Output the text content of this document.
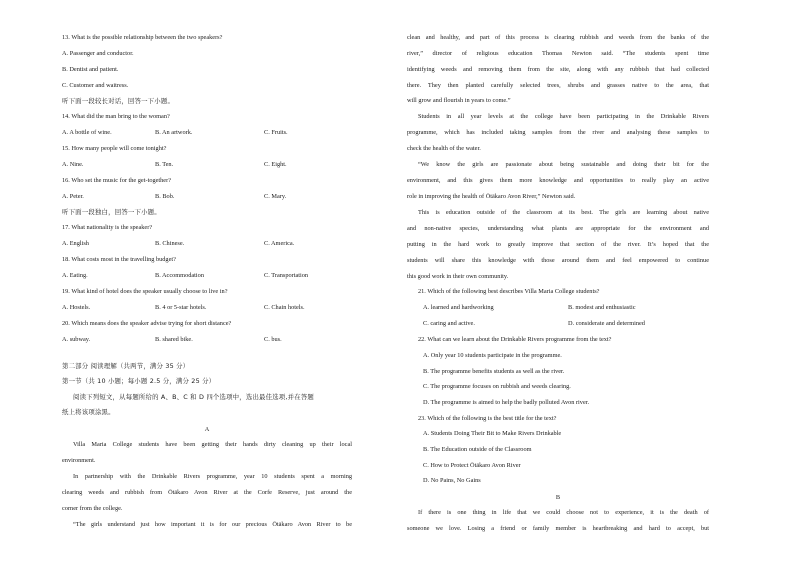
13. What is the possible relationship between the two speakers?
A. Passenger and conductor.
B. Dentist and patient.
C. Customer and waitress.
听下面一段较长对话，回答一下小题。
14. What did the man bring to the woman?
A. A bottle of wine.	B. An artwork.	C. Fruits.
15. How many people will come tonight?
A. Nine.	B. Ten.	C. Eight.
16. Who set the music for the get-together?
A. Peter.	B. Bob.	C. Mary.
听下面一段独白，回答一下小题。
17. What nationality is the speaker?
A. English	B. Chinese.	C. America.
18. What costs most in the travelling budget?
A. Eating.	B. Accommodation	C. Transportation
19. What kind of hotel does the speaker usually choose to live in?
A. Hostels.	B. 4 or 5-star hotels.	C. Chain hotels.
20. Which means does the speaker advise trying for short distance?
A. subway.	B. shared bike.	C. bus.
第二部分 阅读理解（共两节，满分 35 分）
第一节（共 10 小题；每小题 2.5 分，满分 25 分）
阅读下列短文，从每题所给的 A、B、C 和 D 四个选项中，选出最佳选项,并在答题
纸上将该项涂黑。
A
Villa Maria College students have been getting their hands dirty cleaning up their local
environment.
In partnership with the Drinkable Rivers programme, year 10 students spent a morning
clearing weeds and rubbish from Ōtākaro Avon River at the Corfe Reserve, just around the
corner from the college.
“The girls understand just how important it is for our precious Ōtākaro Avon River to be
clean and healthy, and part of this process is clearing rubbish and weeds from the banks of the
river,” director of religious education Thomas Newton said. “The students spent time
identifying weeds and removing them from the site, along with any rubbish that had collected
there. They then planted carefully selected trees, shrubs and grasses native to the area, that
will grow and flourish in years to come.”
Students in all year levels at the college have been participating in the Drinkable Rivers
programme, which has included taking samples from the river and analysing these samples to
check the health of the water.
“We know the girls are passionate about being sustainable and doing their bit for the
environment, and this gives them more knowledge and opportunities to really play an active
role in improving the health of Ōtākaro Avon River,” Newton said.
This is education outside of the classroom at its best. The girls are learning about native
and non-native species, understanding what plants are appropriate for the environment and
putting in the hard work to greatly improve that section of the river. It’s hoped that the
students will share this knowledge with those around them and feel empowered to continue
this good work in their own community.
21. Which of the following best describes Villa Maria College students?
A. learned and hardworking	B. modest and enthusiastic
C. caring and active.	D. considerate and determined
22. What can we learn about the Drinkable Rivers programme from the text?
A. Only year 10 students participate in the programme.
B. The programme benefits students as well as the river.
C. The programme focuses on rubbish and weeds clearing.
D. The programme is aimed to help the badly polluted Avon river.
23. Which of the following is the best title for the text?
A. Students Doing Their Bit to Make Rivers Drinkable
B. The Education outside of the Classroom
C. How to Protect Ōtākaro Avon River
D. No Pains, No Gains
B
If there is one thing in life that we could choose not to experience, it is the death of
someone we love. Losing a friend or family member is heartbreaking and hard to accept, but
